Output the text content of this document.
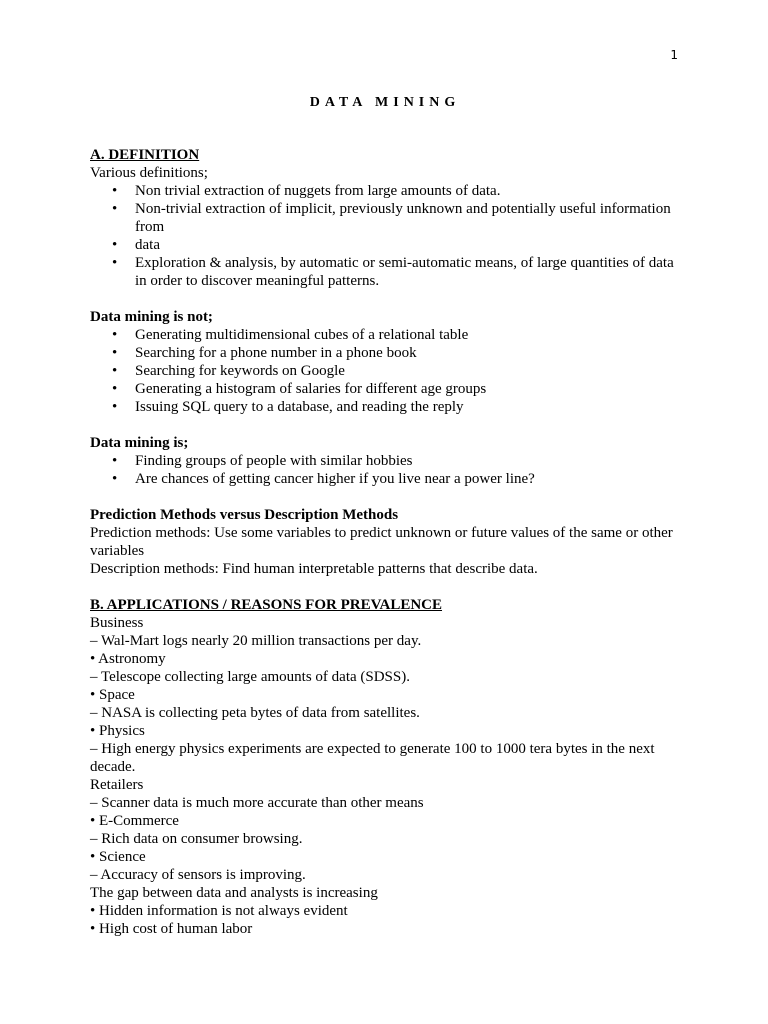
1
DATA MINING

A. DEFINITION

Various definitions;

• Non trivial extraction of nuggets from large amounts of data.
• Non-trivial extraction of implicit, previously unknown and potentially useful information from
• data
• Exploration & analysis, by automatic or semi-automatic means, of large quantities of data in order to discover meaningful patterns.

Data mining is not;

• Generating multidimensional cubes of a relational table
• Searching for a phone number in a phone book
• Searching for keywords on Google
• Generating a histogram of salaries for different age groups
• Issuing SQL query to a database, and reading the reply

Data mining is;

• Finding groups of people with similar hobbies
• Are chances of getting cancer higher if you live near a power line?

Prediction Methods versus Description Methods

Prediction methods: Use some variables to predict unknown or future values of the same or other variables

Description methods: Find human interpretable patterns that describe data.

B. APPLICATIONS / REASONS FOR PREVALENCE

Business

– Wal-Mart logs nearly 20 million transactions per day.

• Astronomy

– Telescope collecting large amounts of data (SDSS).

• Space

– NASA is collecting peta bytes of data from satellites.

• Physics

– High energy physics experiments are expected to generate 100 to 1000 tera bytes in the next decade.

Retailers

– Scanner data is much more accurate than other means

• E-Commerce

– Rich data on consumer browsing.

• Science

– Accuracy of sensors is improving.

The gap between data and analysts is increasing

• Hidden information is not always evident

• High cost of human labor
